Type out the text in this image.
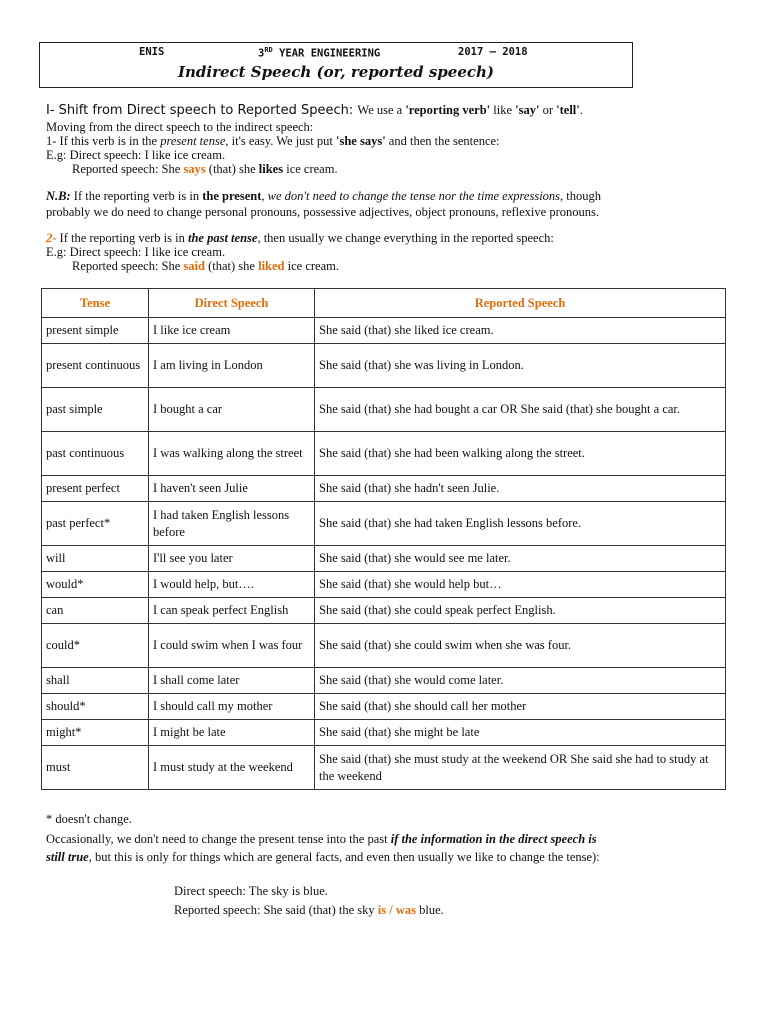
ENIS	3RD YEAR ENGINEERING	2017 – 2018
Indirect Speech (or, reported speech)
I- Shift from Direct speech to Reported Speech: We use a 'reporting verb' like 'say' or 'tell'.
Moving from the direct speech to the indirect speech:
1- If this verb is in the present tense, it's easy. We just put 'she says' and then the sentence:
E.g: Direct speech: I like ice cream.
Reported speech: She says (that) she likes ice cream.
N.B: If the reporting verb is in the present, we don't need to change the tense nor the time expressions, though
probably we do need to change personal pronouns, possessive adjectives, object pronouns, reflexive pronouns.
2- If the reporting verb is in the past tense, then usually we change everything in the reported speech:
E.g: Direct speech: I like ice cream.
Reported speech: She said (that) she liked ice cream.
Tense	Direct Speech	Reported Speech
present simple	I like ice cream	She said (that) she liked ice cream.
present continuous	I am living in London	She said (that) she was living in London.
past simple	I bought a car	She said (that) she had bought a car OR She said (that) she bought a car.
past continuous	I was walking along the street	She said (that) she had been walking along the street.
present perfect	I haven't seen Julie	She said (that) she hadn't seen Julie.
past perfect*	I had taken English lessons before	She said (that) she had taken English lessons before.
will	I'll see you later	She said (that) she would see me later.
would*	I would help, but….	She said (that) she would help but…
can	I can speak perfect English	She said (that) she could speak perfect English.
could*	I could swim when I was four	She said (that) she could swim when she was four.
shall	I shall come later	She said (that) she would come later.
should*	I should call my mother	She said (that) she should call her mother
might*	I might be late	She said (that) she might be late
must	I must study at the weekend	She said (that) she must study at the weekend OR She said she had to study at the weekend
* doesn't change.
Occasionally, we don't need to change the present tense into the past if the information in the direct speech is
still true, but this is only for things which are general facts, and even then usually we like to change the tense):
Direct speech: The sky is blue.
Reported speech: She said (that) the sky is / was blue.
